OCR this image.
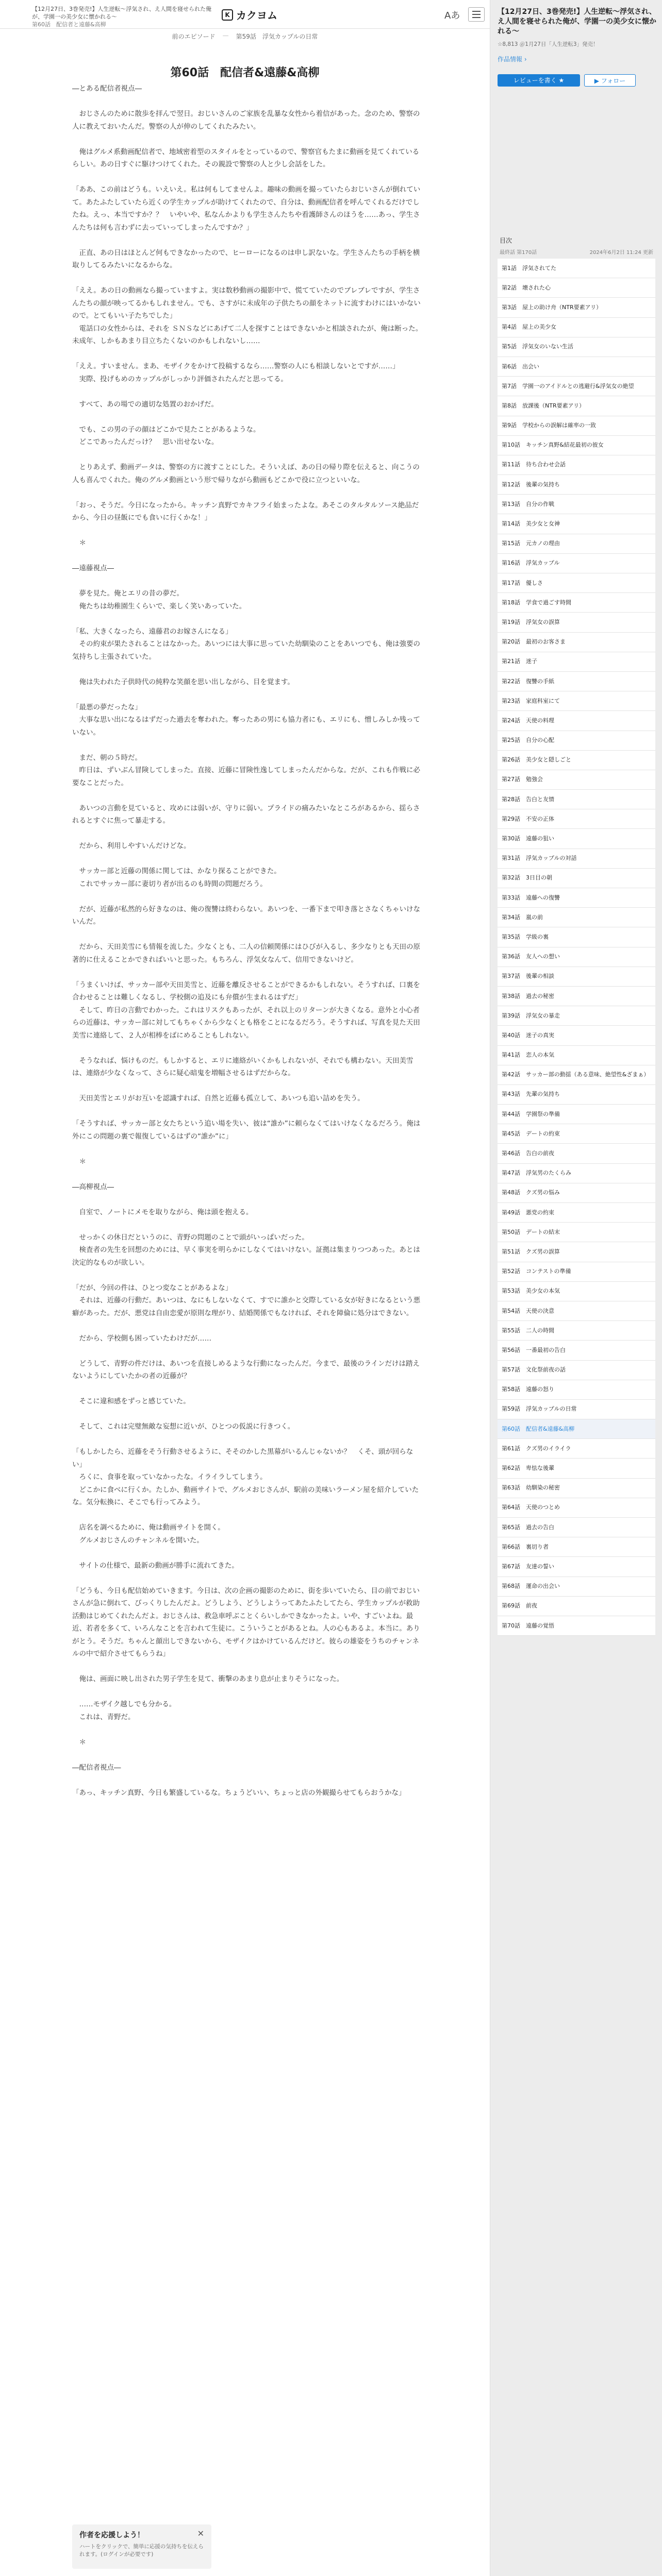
【12月27日、3巻発売!】人生逆転〜浮気され、え人間を寝せられた俺が、学園一の美少女に懐かれる〜
第60話　配信者と遠藤&高柳
K カクヨム	Aあ
前のエピソード — 第59話　浮気カップルの日常
第60話　配信者&遠藤&高柳

―とある配信者視点―

　おじさんのために散歩を拝んで翌日。おじいさんのご家族を乱暴な女性から着信があった。念のため、警察の人に教えておいたんだ。警察の人が伸のしてくれたみたい。

　俺はグルメ系動画配信者で、地域密着型のスタイルをとっているので、警察官もたまに動画を見てくれているらしい。あの日すぐに駆けつけてくれた。その親設で警察の人と少し会話をした。

「ああ、この前はどうも。いえいえ。私は何もしてませんよ。趣味の動画を撮っていたらおじいさんが倒れていて。あたふたしていたら近くの学生カップルが助けてくれたので、自分は、動画配信者を呼んでくれるだけでしたね。えっ、本当ですか？？　いやいや、私なんかよりも学生さんたちや看護師さんのほうを……あっ、学生さんたちは何も言わずに去っていってしまったんですか？」

　正直、あの日はほとんど何もできなかったので、ヒーローになるのは申し訳ないな。学生さんたちの手柄を横取りしてるみたいになるからな。

「ええ。あの日の動画なら撮っていますよ。実は数秒動画の撮影中で、慌てていたのでブレブレですが、学生さんたちの顔が映ってるかもしれません。でも、さすがに未成年の子供たちの顔をネットに流すわけにはいかないので。とてもいい子たちでした」

　電話口の女性からは、それを ＳＮＳなどにあげて二人を探すことはできないかと相談されたが、俺は断った。未成年、しかもあまり目立ちたくないのかもしれないし……

「ええ。すいません。まあ、モザイクをかけて投稿するなら……警察の人にも相談しないとですが……」

　実際、投げもめのカップルがしっかり評価されたんだと思ってる。

　すべて、あの場での適切な処置のおかげだ。

　でも、この男の子の顔はどこかで見たことがあるような。

　どこであったんだっけ？　思い出せないな。

　とりあえず、動画データは、警察の方に渡すことにした。そういえば、あの日の帰り際を伝えると、向こうの人も喜んでくれた。俺のグルメ動画という形で帰りながら動画もどこかで役に立つといいな。

「おっ、そうだ。今日になったから。キッチン真野でカキフライ始まったよな。あそこのタルタルソース絶品だから、今日の昼飯にでも食いに行くかな！」

　＊

―遠藤視点―

　夢を見た。俺とエリの昔の夢だ。

　俺たちは幼稚園生くらいで、楽しく笑いあっていた。

「私、大きくなったら、遠藤君のお嫁さんになる」

　その約束が果たされることはなかった。あいつには大事に思っていた幼馴染のことをあいつでも、俺は強要の気持ちし主張されていた。

　俺は失われた子供時代の純粋な笑顔を思い出しながら、目を覚ます。

「最悪の夢だったな」

　大事な思い出になるはずだった過去を奪われた。奪ったあの男にも協力者にも、エリにも、憎しみしか残っていない。

　まだ、朝の５時だ。

　昨日は、ずいぶん冒険してしまった。直接、近藤に冒険性逸してしまったんだからな。だが、これも作戦に必要なことだった。

　あいつの言動を見ていると、攻めには弱いが、守りに弱い。プライドの痛みたいなところがあるから、揺らされるとすぐに焦って暴走する。

　だから、利用しやすいんだけどな。

　サッカー部と近藤の関係に関しては、かなり探ることができた。

　これでサッカー部に妻切り者が出るのも時間の問題だろう。

　だが、近藤が私然的ら好きなのは、俺の復讐は終わらない。あいつを、一番下まで叩き落とさなくちゃいけないんだ。

　だから、天田美雪にも情報を流した。少なくとも、二人の信頼関係にはひびが入るし、多少なりとも天田の原著的に仕えることかできればいいと思った。もちろん、浮気女なんて、信用できないけど。

「うまくいけば、サッカー部や天田美雪と、近藤を離反させることができるかもしれない。そうすれば、口裏を合わせることは難しくなるし、学校側の追及にも弁償が生まれるはずだ」

　そして、昨日の言動でわかった。これはリスクもあったが、それ以上のリターンが大きくなる。意外と小心者らの近藤は、サッカー部に対してもちゃくから少なくとも格をことになるだろう。そうすれば、写真を見た天田美雪に連絡して、２人が相棒をばにめることもしれない。

　そうなれば、悩けものだ。もしかすると、エリに連絡がいくかもしれないが、それでも構わない。天田美雪は、連絡が少なくなって、さらに疑心暗鬼を増幅させるはずだからな。

　天田美雪とエリがお互いを認識すれば、自然と近藤も孤立して、あいつも追い詰めを失う。

「そうすれば、サッカー部と女たちという追い場を失い、彼は“誰か”に頼らなくてはいけなくなるだろう。俺は外にこの問題の裏で報復しているはずの“誰か”に」

　＊

―高柳視点―

　自室で、ノートにメモを取りながら、俺は頭を抱える。

　せっかくの休日だというのに、青野の問題のことで頭がいっぱいだった。

　検査者の先生を回想のためには、早く事実を明らかにしなくてはいけない。証拠は集まりつつあった。あとは決定的なものが欲しい。

「だが、今回の件は、ひとつ変なことがあるよな」

　それは、近藤の行動だ。あいつは、なにもしないなくて、すでに誰かと交際している女が好きになるという悪癖があった。だが、悪党は自由恋愛が原則な理がり、結婚関係でもなければ、それを障倫に処分はできない。

　だから、学校側も困っていたわけだが……

　どうして、青野の件だけは、あいつを直接しめるような行動になったんだ。今まで、最後のラインだけは踏えないようにしていたかの者の近藤が？

　そこに違和感をずっと感じていた。

　そして、これは完璧無敵な妄想に近いが、ひとつの仮説に行きつく。

「もしかしたら、近藤をそう行動させるように、そそのかした黒幕がいるんじゃないか？　くそ、頭が回らない」

　ろくに、食事を取っていなかったな。イライラしてしまう。

　どこかに食べに行くか。たしか、動画サイトで、グルメおじさんが、駅前の美味いラーメン屋を紹介していたな。気分転換に、そこでも行ってみよう。

　店名を調べるために、俺は動画サイトを開く。

　グルメおじさんのチャンネルを開いた。

　サイトの仕様で、最新の動画が勝手に流れてきた。

「どうも、今日も配信始めていきます。今日は、次の企画の撮影のために、街を歩いていたら、目の前でおじいさんが急に倒れて、びっくりしたんだよ。どうしよう、どうしようってあたふたしてたら、学生カップルが救助活動はじめてくれたんだよ。おじさんは、救急車呼ぶことくらいしかできなかったよ。いや、すごいよね。最近、若者を多くて、いろんなことを言われて生徒に。こういうことがあるとね。人の心もあるよ。本当に。ありがとう。そうだ。ちゃんと顔出しできないから、モザイクはかけているんだけど。彼らの雄姿をうちのチャンネルの中で紹介させてもらうね」

　俺は、画面に映し出された男子学生を見て、衝撃のあまり息が止まりそうになった。

　……モザイク越しでも分かる。

　これは、青野だ。

　＊

―配信者視点―

「あっ、キッチン真野、今日も繁盛しているな。ちょうどいい、ちょっと店の外観撮らせてもらおうかな」

作者を応援しよう！
ハートをクリックで、簡単に応援の気持ちを伝えられます。(ログインが必要です)
✕
【12月27日、3巻発売!】人生逆転〜浮気され、え人間を寝せられた俺が、学園一の美少女に懐かれる〜
☆8,813 ＠1月27日「人生逆転3」発売！
作品情報 ›
レビューを書く ★	▶ フォロー
目次
最終話 第170話	2024年6月2日 11:24 更新
第1話　浮気されてた
第2話　壊された心
第3話　屋上の助け舟（NTR要素アリ）
第4話　屋上の美少女
第5話　浮気女のいない生活
第6話　出会い
第7話　学園一のアイドルとの逃避行&浮気女の絶望
第8話　放課後（NTR要素アリ）
第9話　学校からの誤解は確率の一致
第10話　キッチン真野&結花最初の彼女
第11話　待ち合わせ会話
第12話　後輩の気持ち
第13話　自分の作戦
第14話　美少女と女神
第15話　元カノの理由
第16話　浮気カップル
第17話　優しさ
第18話　学食で過ごす時間
第19話　浮気女の誤算
第20話　最初のお客さま
第21話　迷子
第22話　復讐の手紙
第23話　家庭科室にて
第24話　天使の料理
第25話　自分の心配
第26話　美少女と隠しごと
第27話　勉強会
第28話　告白と友情
第29話　不安の正体
第30話　遠藤の狙い
第31話　浮気カップルの対話
第32話　3日目の朝
第33話　遠藤への復讐
第34話　嵐の前
第35話　学級の裏
第36話　友人への想い
第37話　後輩の相談
第38話　過去の秘密
第39話　浮気女の暴走
第40話　迷子の真実
第41話　恋人の本気
第42話　サッカー部の動揺（ある意味、絶望性&ざまぁ）
第43話　先輩の気持ち
第44話　学園祭の準備
第45話　デートの約束
第46話　告白の前夜
第47話　浮気男のたくらみ
第48話　クズ男の悩み
第49話　悪党の約束
第50話　デートの結末
第51話　クズ男の誤算
第52話　コンテストの準備
第53話　美少女の本気
第54話　天使の決意
第55話　二人の時間
第56話　一番最初の告白
第57話　文化祭前夜の話
第58話　遠藤の怒り
第59話　浮気カップルの日常
第60話　配信者&遠藤&高柳
第61話　クズ男のイライラ
第62話　卑怯な後輩
第63話　幼馴染の秘密
第64話　天使のつとめ
第65話　過去の告白
第66話　裏切り者
第67話　友達の誓い
第68話　運命の出会い
第69話　前夜
第70話　遠藤の覚悟
